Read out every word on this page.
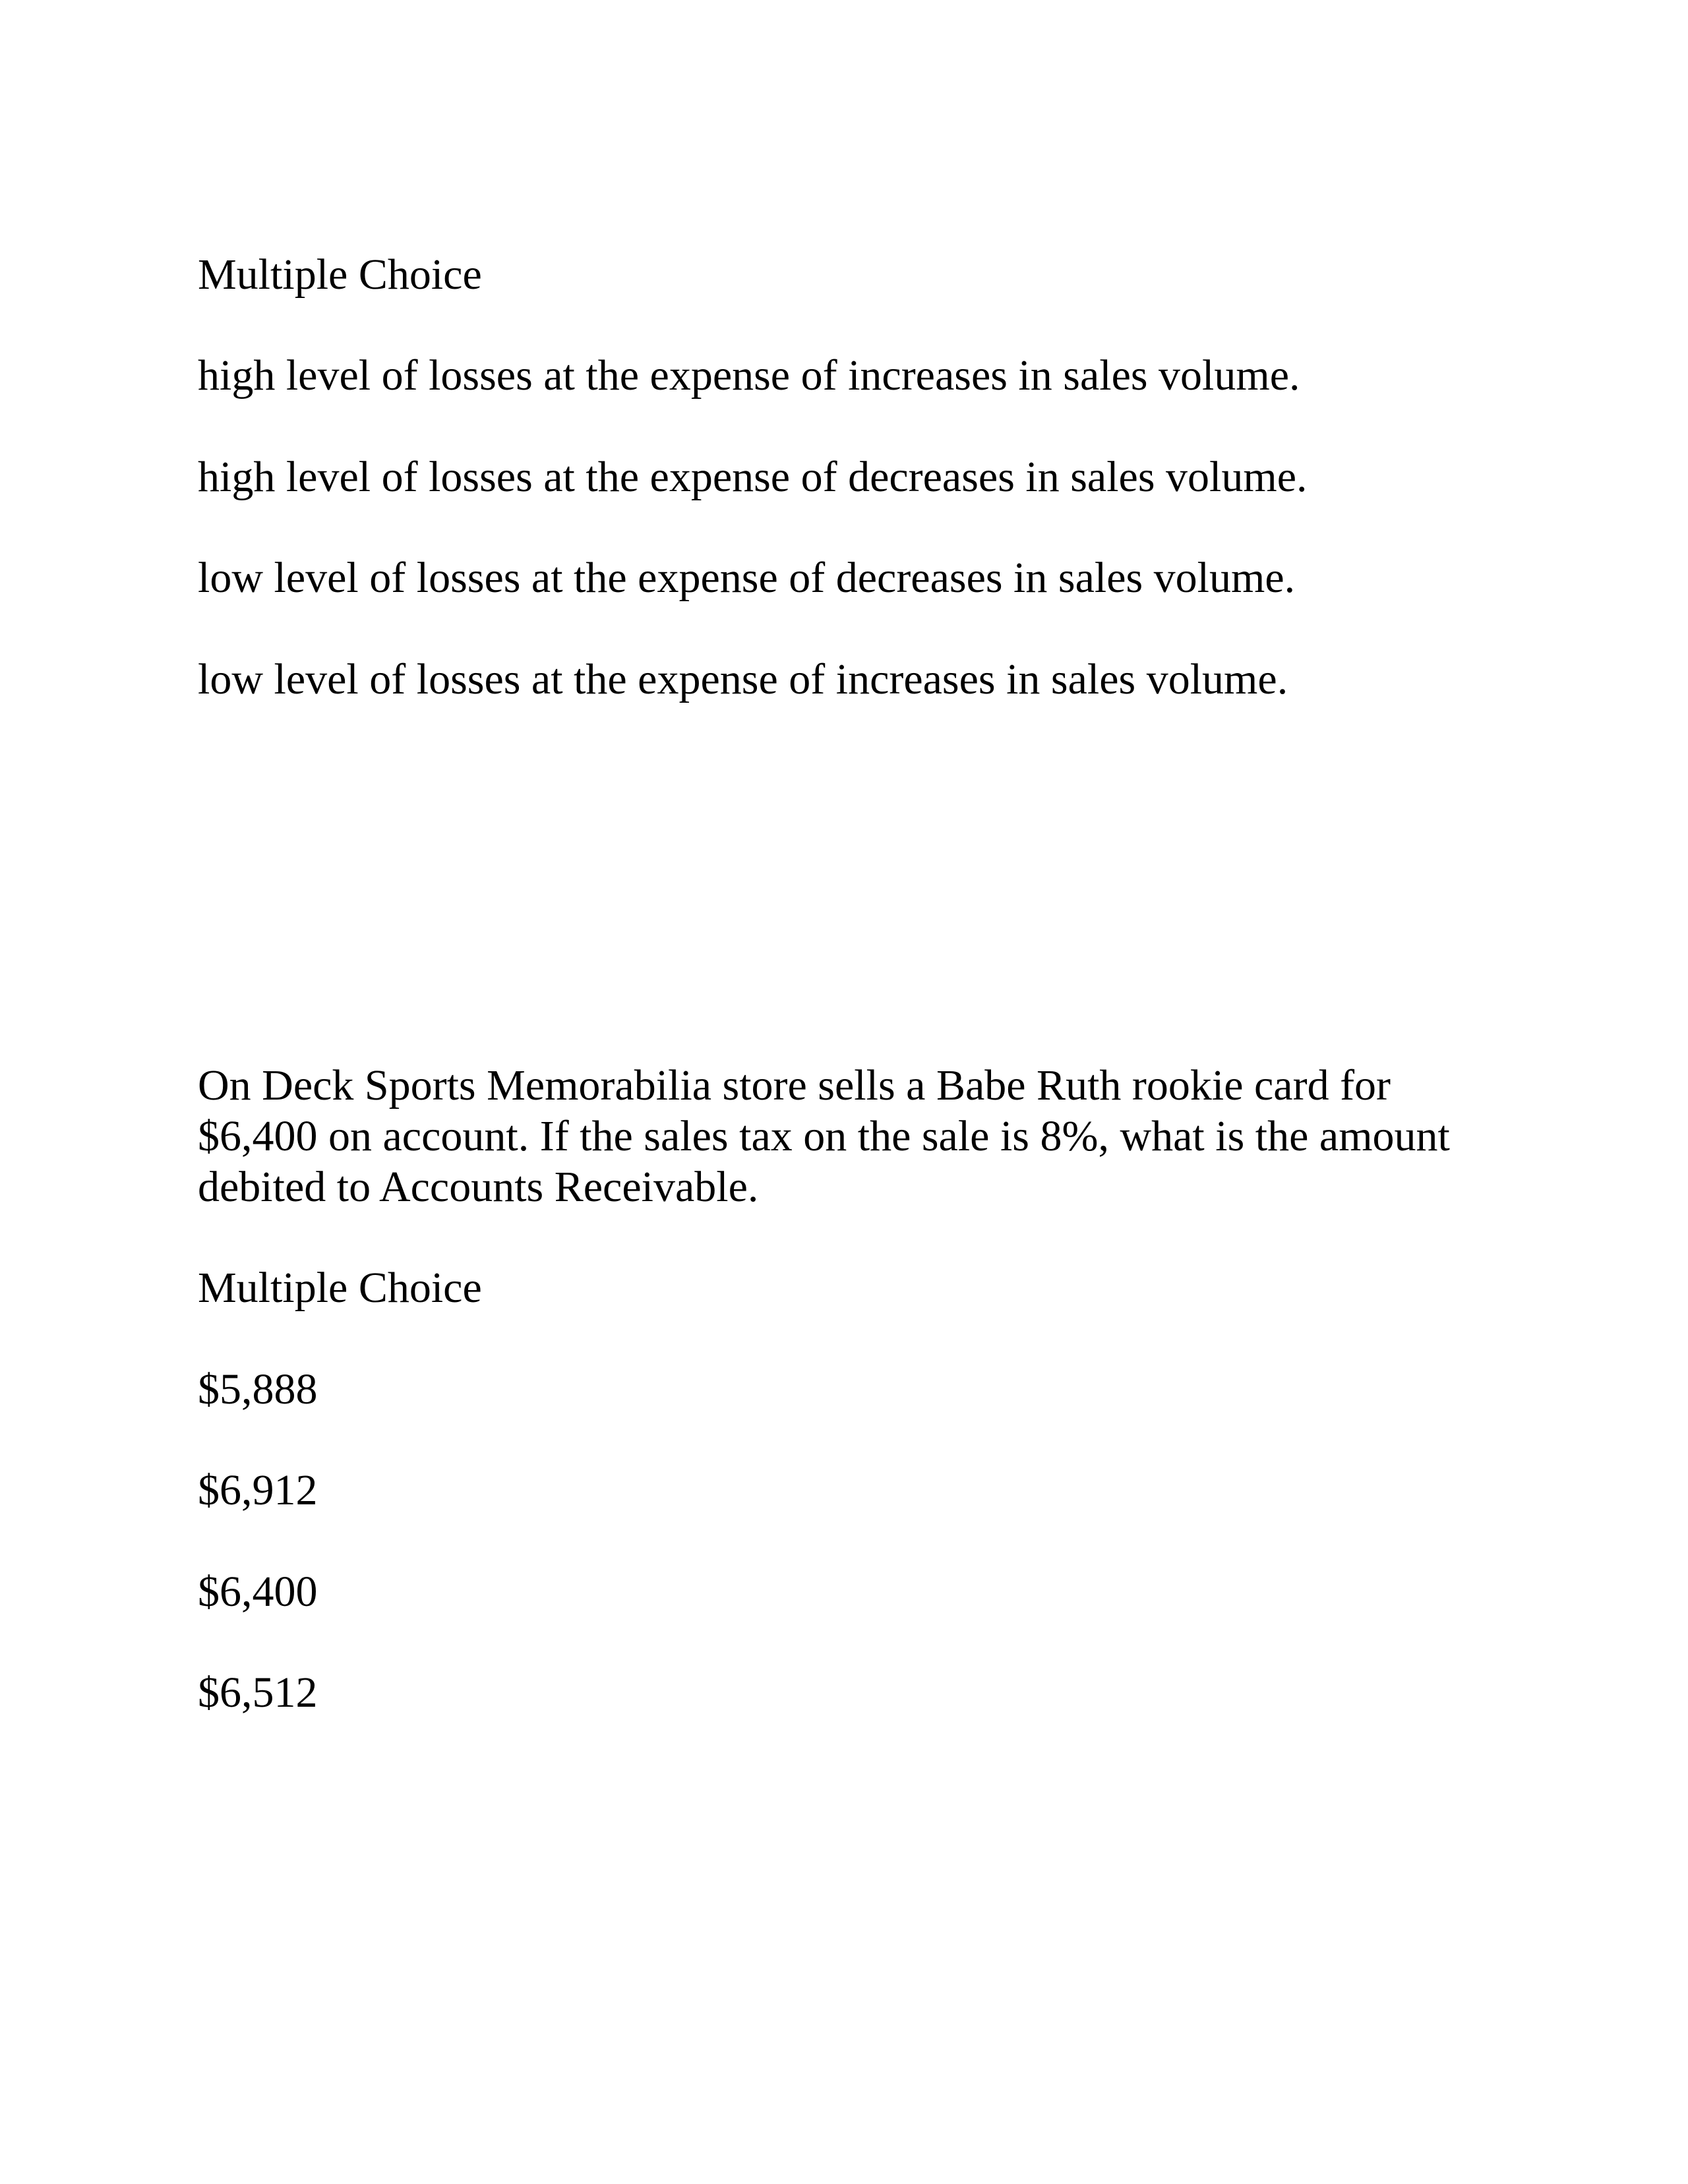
Multiple Choice

high level of losses at the expense of increases in sales volume.

high level of losses at the expense of decreases in sales volume.

low level of losses at the expense of decreases in sales volume.

low level of losses at the expense of increases in sales volume.

On Deck Sports Memorabilia store sells a Babe Ruth rookie card for

$6,400 on account. If the sales tax on the sale is 8%, what is the amount

debited to Accounts Receivable.

Multiple Choice

$5,888

$6,912

$6,400

$6,512
